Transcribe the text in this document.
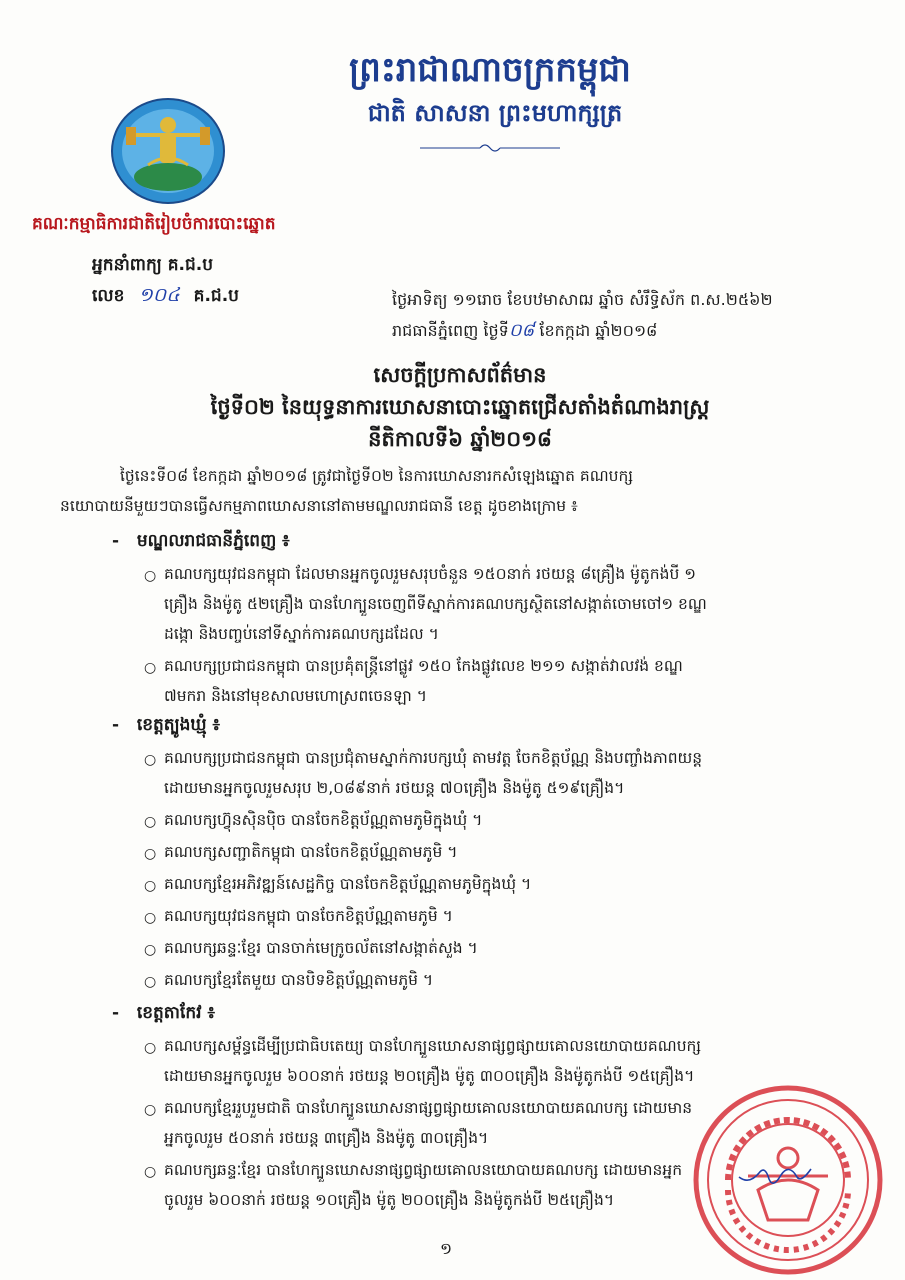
ព្រះរាជាណាចក្រកម្ពុជា
ជាតិ សាសនា ព្រះមហាក្សត្រ
គណៈកម្មាធិការជាតិរៀបចំការបោះឆ្នោត
អ្នកនាំពាក្យ គ.ជ.ប
លេខ ១០៤ គ.ជ.ប	ថ្ងៃអាទិត្យ ១១រោច ខែបឋមាសាឍ ឆ្នាំច សំរឹទ្ធិស័ក ព.ស.២៥៦២
រាជធានីភ្នំពេញ ថ្ងៃទី០៨ ខែកក្កដា ឆ្នាំ២០១៨
សេចក្តីប្រកាសព័ត៌មាន
ថ្ងៃទី០២ នៃយុទ្ធនាការឃោសនាបោះឆ្នោតជ្រើសតាំងតំណាងរាស្ត្រ
នីតិកាលទី៦ ឆ្នាំ២០១៨
ថ្ងៃនេះទី០៨ ខែកក្កដា ឆ្នាំ២០១៨ ត្រូវជាថ្ងៃទី០២ នៃការឃោសនារកសំឡេងឆ្នោត គណបក្ស
នយោបាយនីមួយៗបានធ្វើសកម្មភាពឃោសនានៅតាមមណ្ឌលរាជធានី ខេត្ត ដូចខាងក្រោម ៖
-   មណ្ឌលរាជធានីភ្នំពេញ ៖
○ គណបក្សយុវជនកម្ពុជា ដែលមានអ្នកចូលរួមសរុបចំនួន ១៥០នាក់ រថយន្ត ៨គ្រឿង ម៉ូតូកង់បី ១
គ្រឿង និងម៉ូតូ ៥២គ្រឿង បានហែក្បួនចេញពីទីស្នាក់ការគណបក្សស្ថិតនៅសង្កាត់ចោមចៅ១ ខណ្ឌ
ដង្កោ និងបញ្ចប់នៅទីស្នាក់ការគណបក្សដដែល ។
○ គណបក្សប្រជាជនកម្ពុជា បានប្រគុំតន្ត្រីនៅផ្លូវ ១៥០ កែងផ្លូវលេខ ២១១ សង្កាត់វាលវង់ ខណ្ឌ
៧មករា និងនៅមុខសាលមហោស្រពចេនឡា ។
-   ខេត្តត្បូងឃ្មុំ ៖
○ គណបក្សប្រជាជនកម្ពុជា បានប្រជុំតាមស្នាក់ការបក្សឃុំ តាមវត្ត ចែកខិត្តប័ណ្ណ និងបញ្ចាំងភាពយន្ត
ដោយមានអ្នកចូលរួមសរុប ២,០៨៩នាក់ រថយន្ត ៧០គ្រឿង និងម៉ូតូ ៥១៩គ្រឿង។
○ គណបក្សហ៊្វុនស៊ិនប៉ិច បានចែកខិត្តប័ណ្ណតាមភូមិក្នុងឃុំ ។
○ គណបក្សសញ្ជាតិកម្ពុជា បានចែកខិត្តប័ណ្ណតាមភូមិ ។
○ គណបក្សខ្មែរអភិវឌ្ឍន៍សេដ្ឋកិច្ច បានចែកខិត្តប័ណ្ណតាមភូមិក្នុងឃុំ ។
○ គណបក្សយុវជនកម្ពុជា បានចែកខិត្តប័ណ្ណតាមភូមិ ។
○ គណបក្សឆន្ទៈខ្មែរ បានចាក់មេក្រូចល័តនៅសង្កាត់សួង ។
○ គណបក្សខ្មែរតែមួយ បានបិទខិត្តប័ណ្ណតាមភូមិ ។
-   ខេត្តតាកែវ ៖
○ គណបក្សសម្ព័ន្ធដើម្បីប្រជាធិបតេយ្យ បានហែក្បួនឃោសនាផ្សព្វផ្សាយគោលនយោបាយគណបក្ស
ដោយមានអ្នកចូលរួម ៦០០នាក់ រថយន្ត ២០គ្រឿង ម៉ូតូ ៣០០គ្រឿង និងម៉ូតូកង់បី ១៥គ្រឿង។
○ គណបក្សខ្មែររួបរួមជាតិ បានហែក្បួនឃោសនាផ្សព្វផ្សាយគោលនយោបាយគណបក្ស ដោយមាន
អ្នកចូលរួម ៥០នាក់ រថយន្ត ៣គ្រឿង និងម៉ូតូ ៣០គ្រឿង។
○ គណបក្សឆន្ទៈខ្មែរ បានហែក្បួនឃោសនាផ្សព្វផ្សាយគោលនយោបាយគណបក្ស ដោយមានអ្នក
ចូលរួម ៦០០នាក់ រថយន្ត ១០គ្រឿង ម៉ូតូ ២០០គ្រឿង និងម៉ូតូកង់បី ២៥គ្រឿង។
១
